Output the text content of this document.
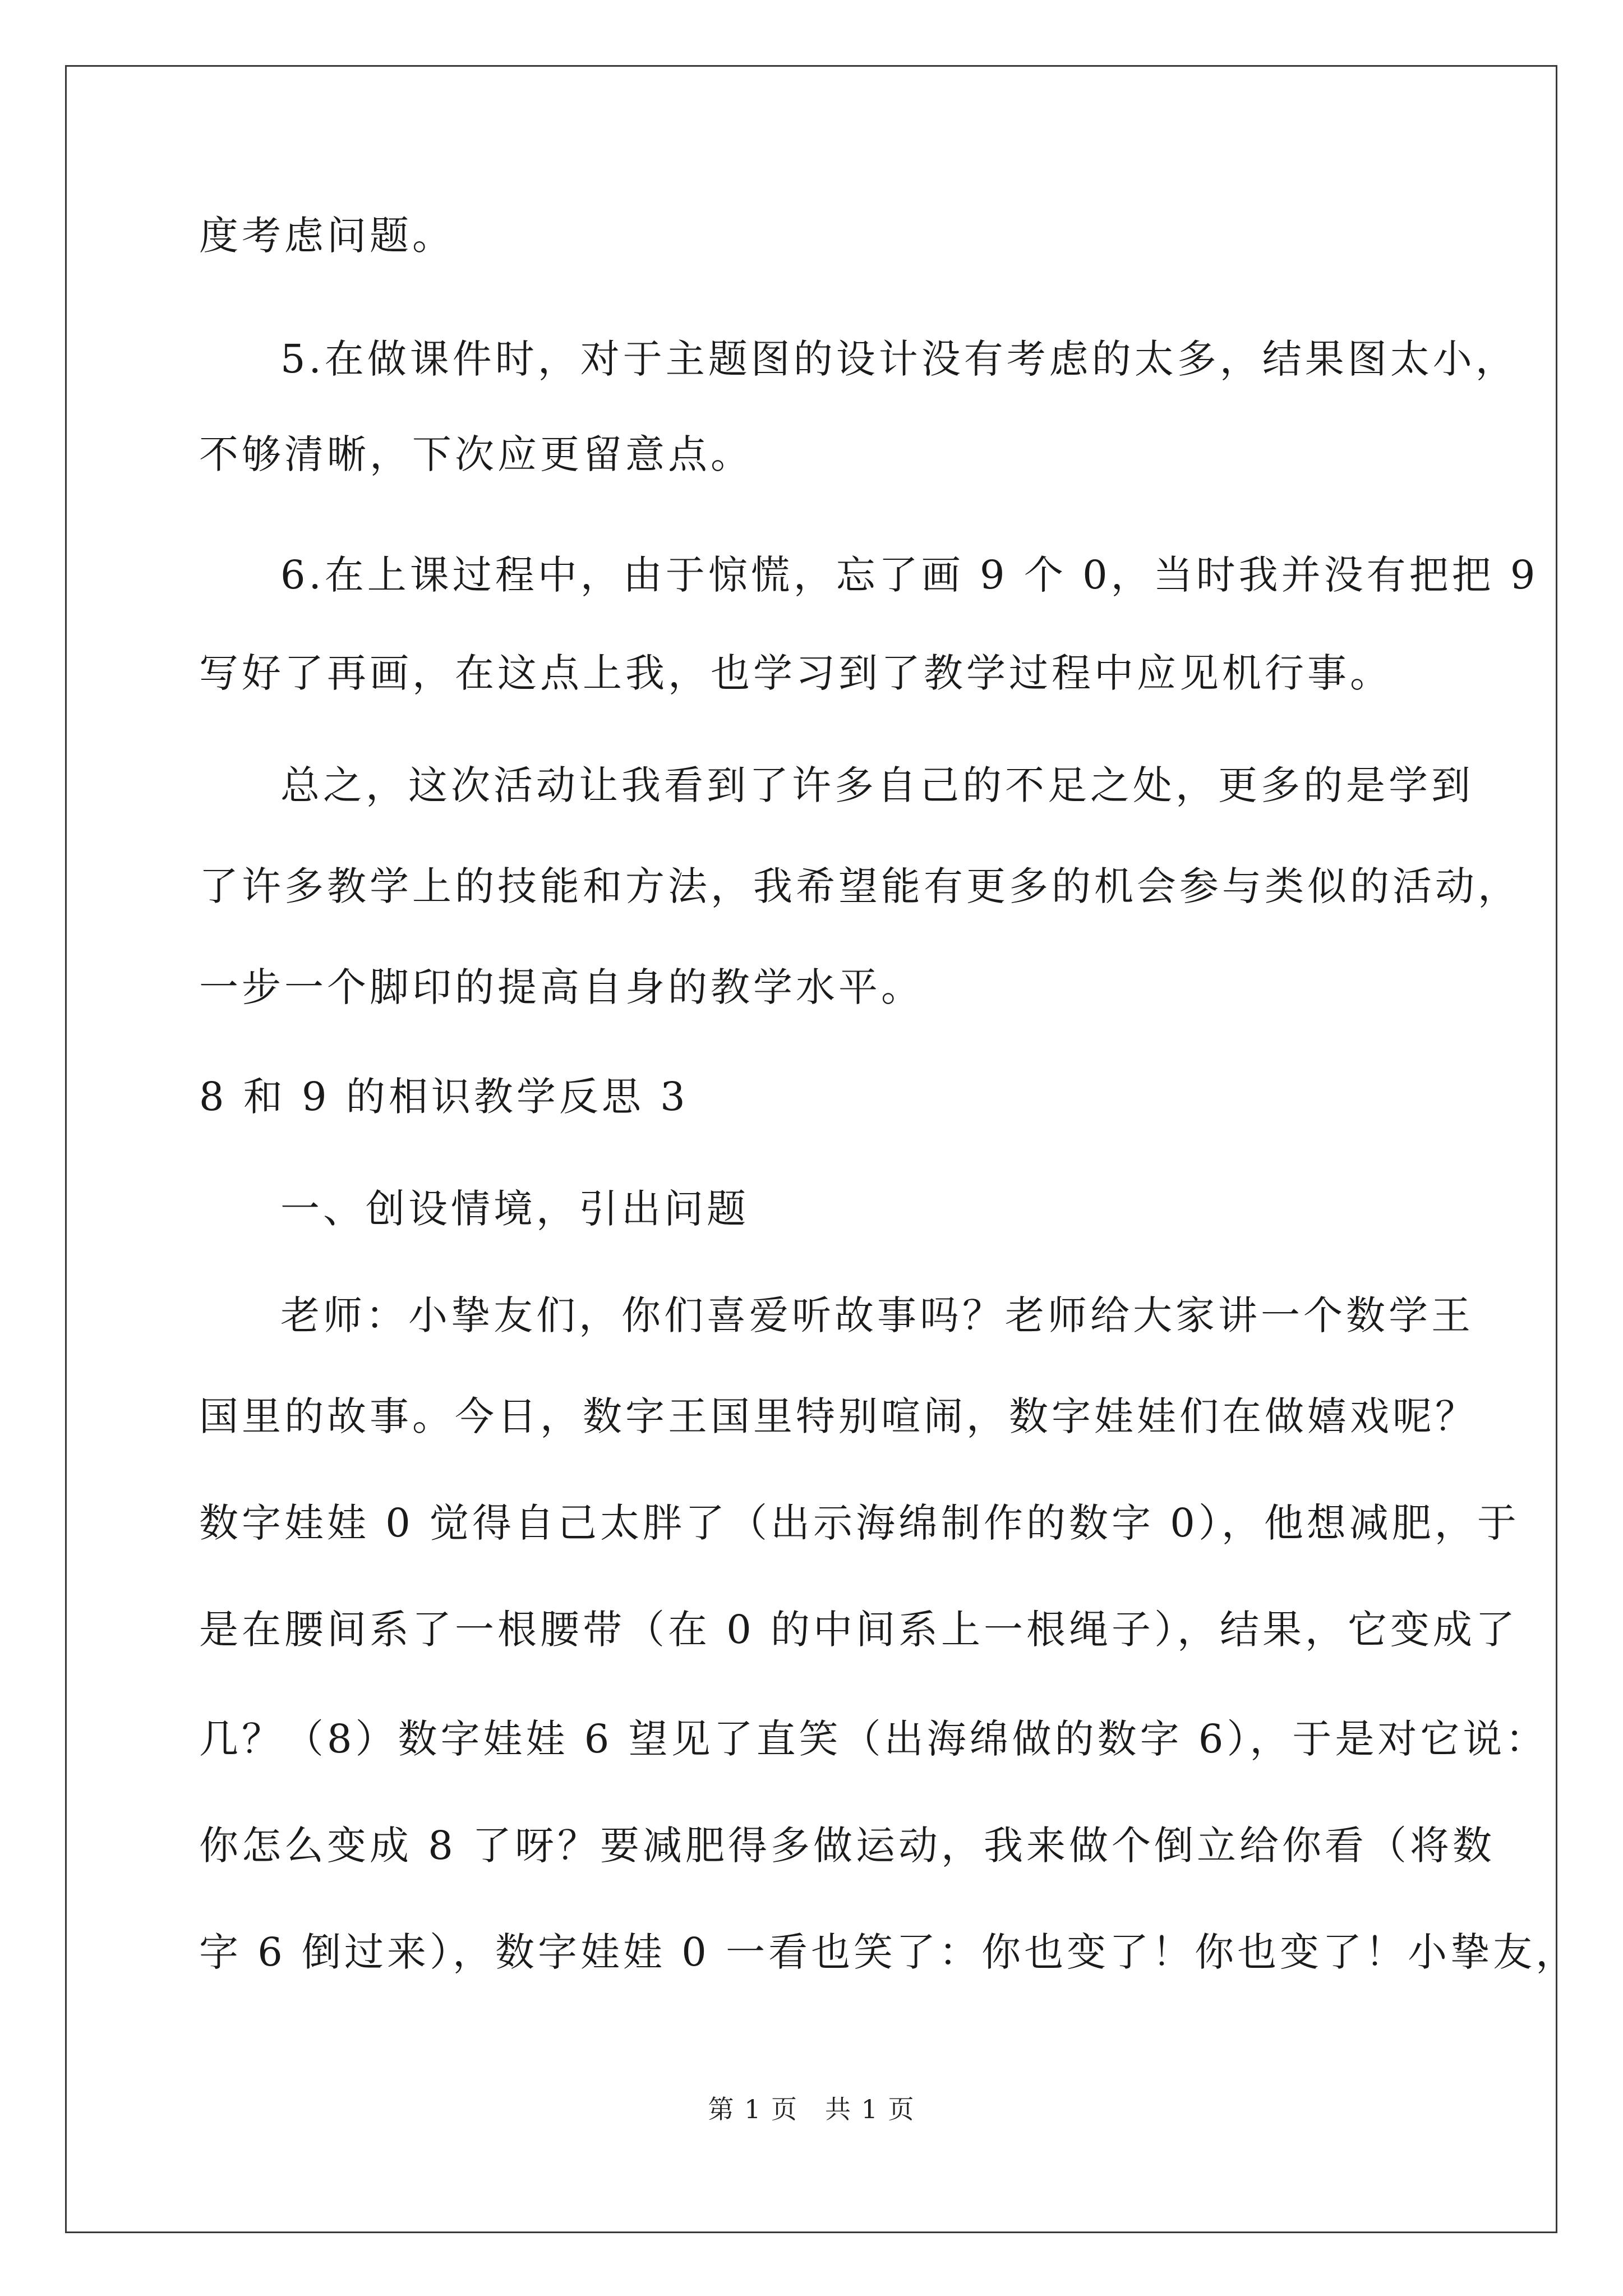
度考虑问题。
5.在做课件时，对于主题图的设计没有考虑的太多，结果图太小，
不够清晰，下次应更留意点。
6.在上课过程中，由于惊慌，忘了画 9 个 0，当时我并没有把把 9
写好了再画，在这点上我，也学习到了教学过程中应见机行事。
总之，这次活动让我看到了许多自己的不足之处，更多的是学到
了许多教学上的技能和方法，我希望能有更多的机会参与类似的活动，
一步一个脚印的提高自身的教学水平。
8 和 9 的相识教学反思 3
一、创设情境，引出问题
老师：小挚友们，你们喜爱听故事吗？老师给大家讲一个数学王
国里的故事。今日，数字王国里特别喧闹，数字娃娃们在做嬉戏呢？
数字娃娃 0 觉得自己太胖了（出示海绵制作的数字 0），他想减肥，于
是在腰间系了一根腰带（在 0 的中间系上一根绳子），结果，它变成了
几？（8）数字娃娃 6 望见了直笑（出海绵做的数字 6），于是对它说：
你怎么变成 8 了呀？要减肥得多做运动，我来做个倒立给你看（将数
字 6 倒过来），数字娃娃 0 一看也笑了：你也变了！你也变了！小挚友，
第 1 页　共 1 页
